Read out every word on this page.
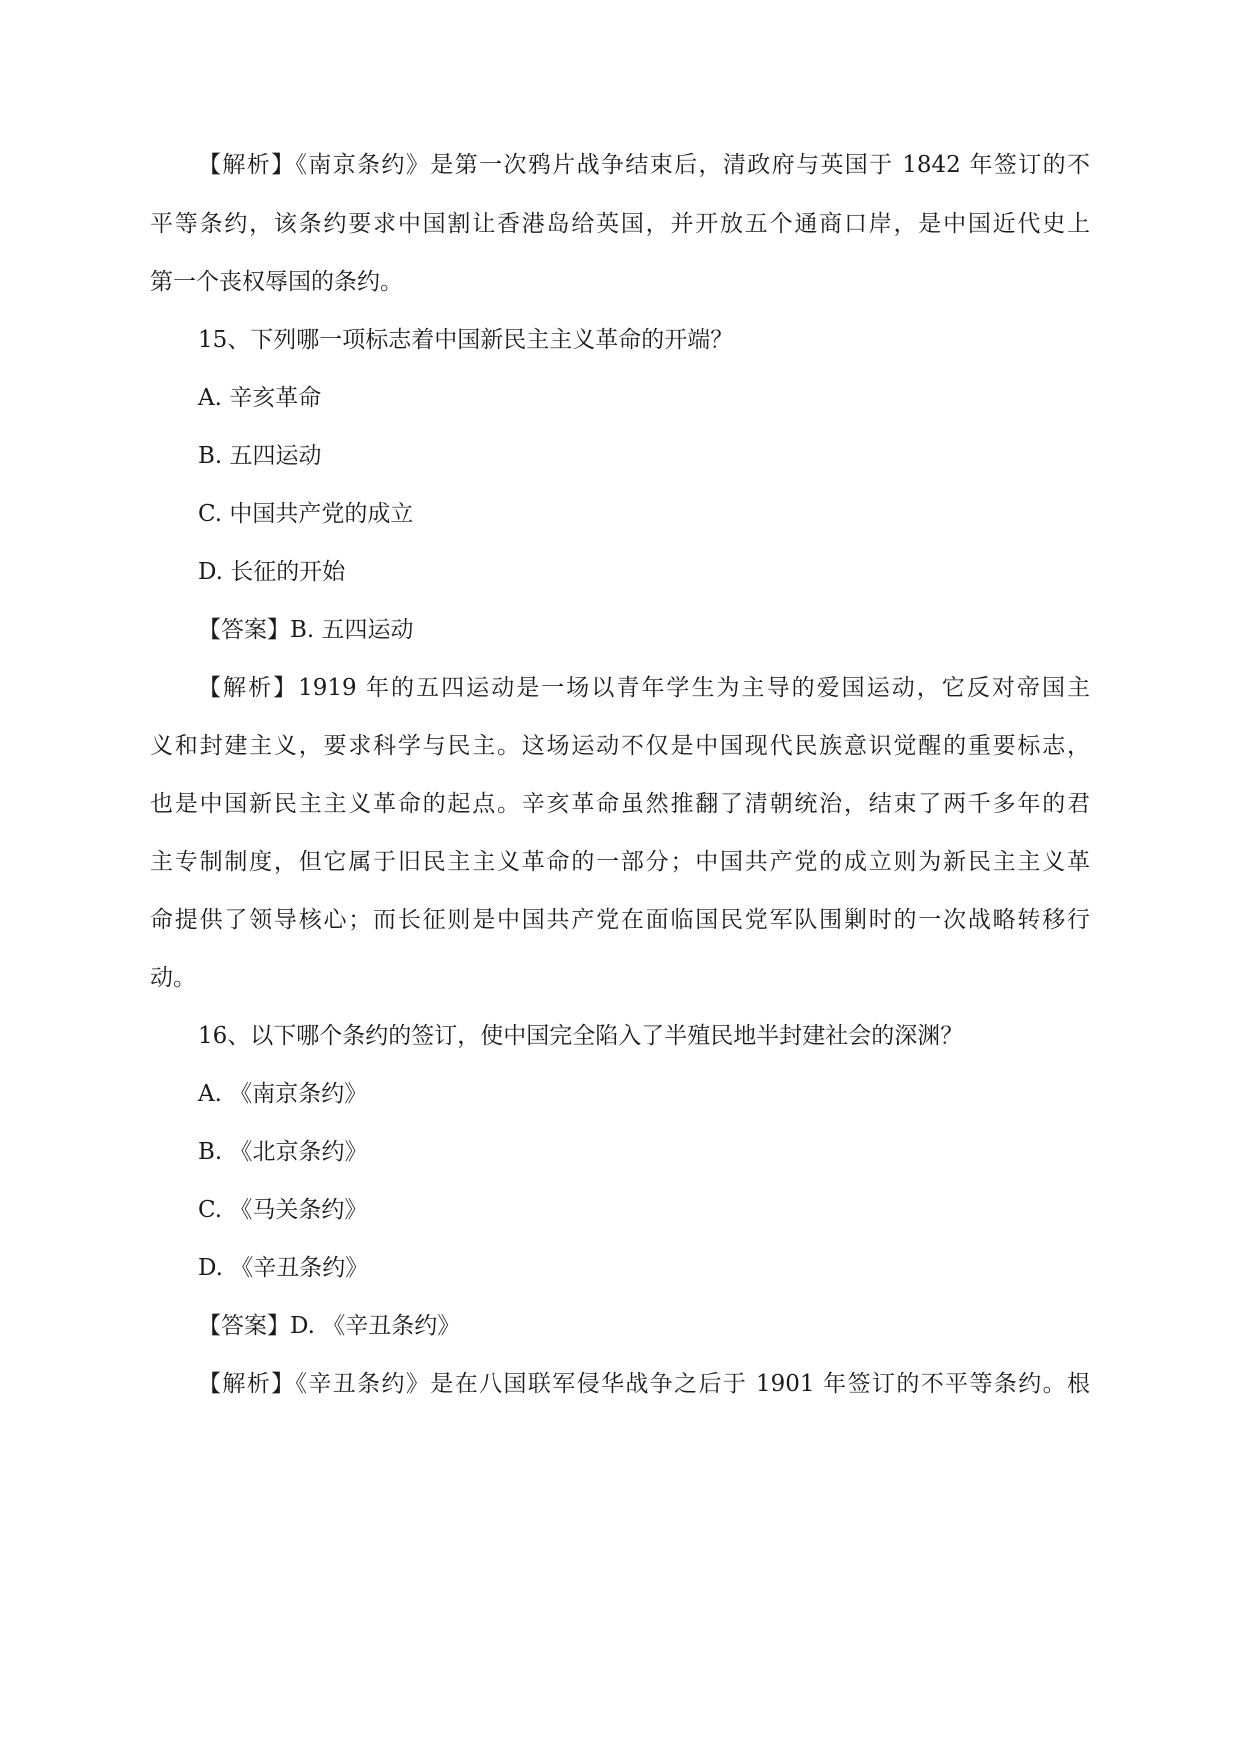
【解析】《南京条约》是第一次鸦片战争结束后，清政府与英国于 1842 年签订的不
平等条约，该条约要求中国割让香港岛给英国，并开放五个通商口岸，是中国近代史上
第一个丧权辱国的条约。
15、下列哪一项标志着中国新民主主义革命的开端？
A. 辛亥革命
B. 五四运动
C. 中国共产党的成立
D. 长征的开始
【答案】B. 五四运动
【解析】1919 年的五四运动是一场以青年学生为主导的爱国运动，它反对帝国主
义和封建主义，要求科学与民主。这场运动不仅是中国现代民族意识觉醒的重要标志，
也是中国新民主主义革命的起点。辛亥革命虽然推翻了清朝统治，结束了两千多年的君
主专制制度，但它属于旧民主主义革命的一部分；中国共产党的成立则为新民主主义革
命提供了领导核心；而长征则是中国共产党在面临国民党军队围剿时的一次战略转移行
动。
16、以下哪个条约的签订，使中国完全陷入了半殖民地半封建社会的深渊？
A. 《南京条约》
B. 《北京条约》
C. 《马关条约》
D. 《辛丑条约》
【答案】D. 《辛丑条约》
【解析】《辛丑条约》是在八国联军侵华战争之后于 1901 年签订的不平等条约。根
